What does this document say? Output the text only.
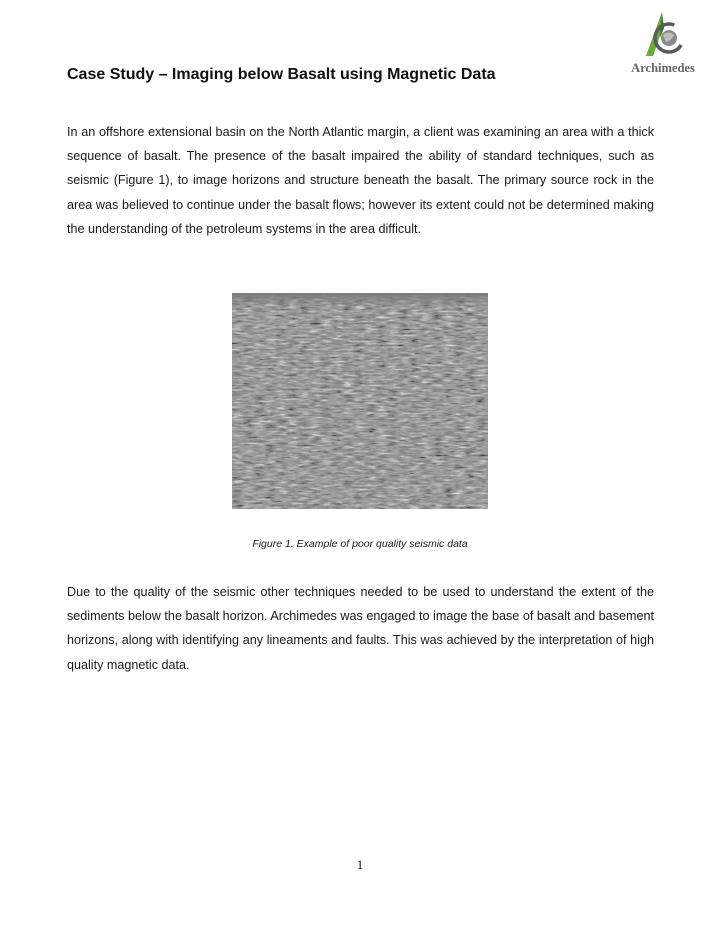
Archimedes
Case Study – Imaging below Basalt using Magnetic Data

In an offshore extensional basin on the North Atlantic margin, a client was examining an area with a thick sequence of basalt. The presence of the basalt impaired the ability of standard techniques, such as seismic (Figure 1), to image horizons and structure beneath the basalt. The primary source rock in the area was believed to continue under the basalt flows; however its extent could not be determined making the understanding of the petroleum systems in the area difficult.

Figure 1. Example of poor quality seismic data

Due to the quality of the seismic other techniques needed to be used to understand the extent of the sediments below the basalt horizon. Archimedes was engaged to image the base of basalt and basement horizons, along with identifying any lineaments and faults. This was achieved by the interpretation of high quality magnetic data.

1
